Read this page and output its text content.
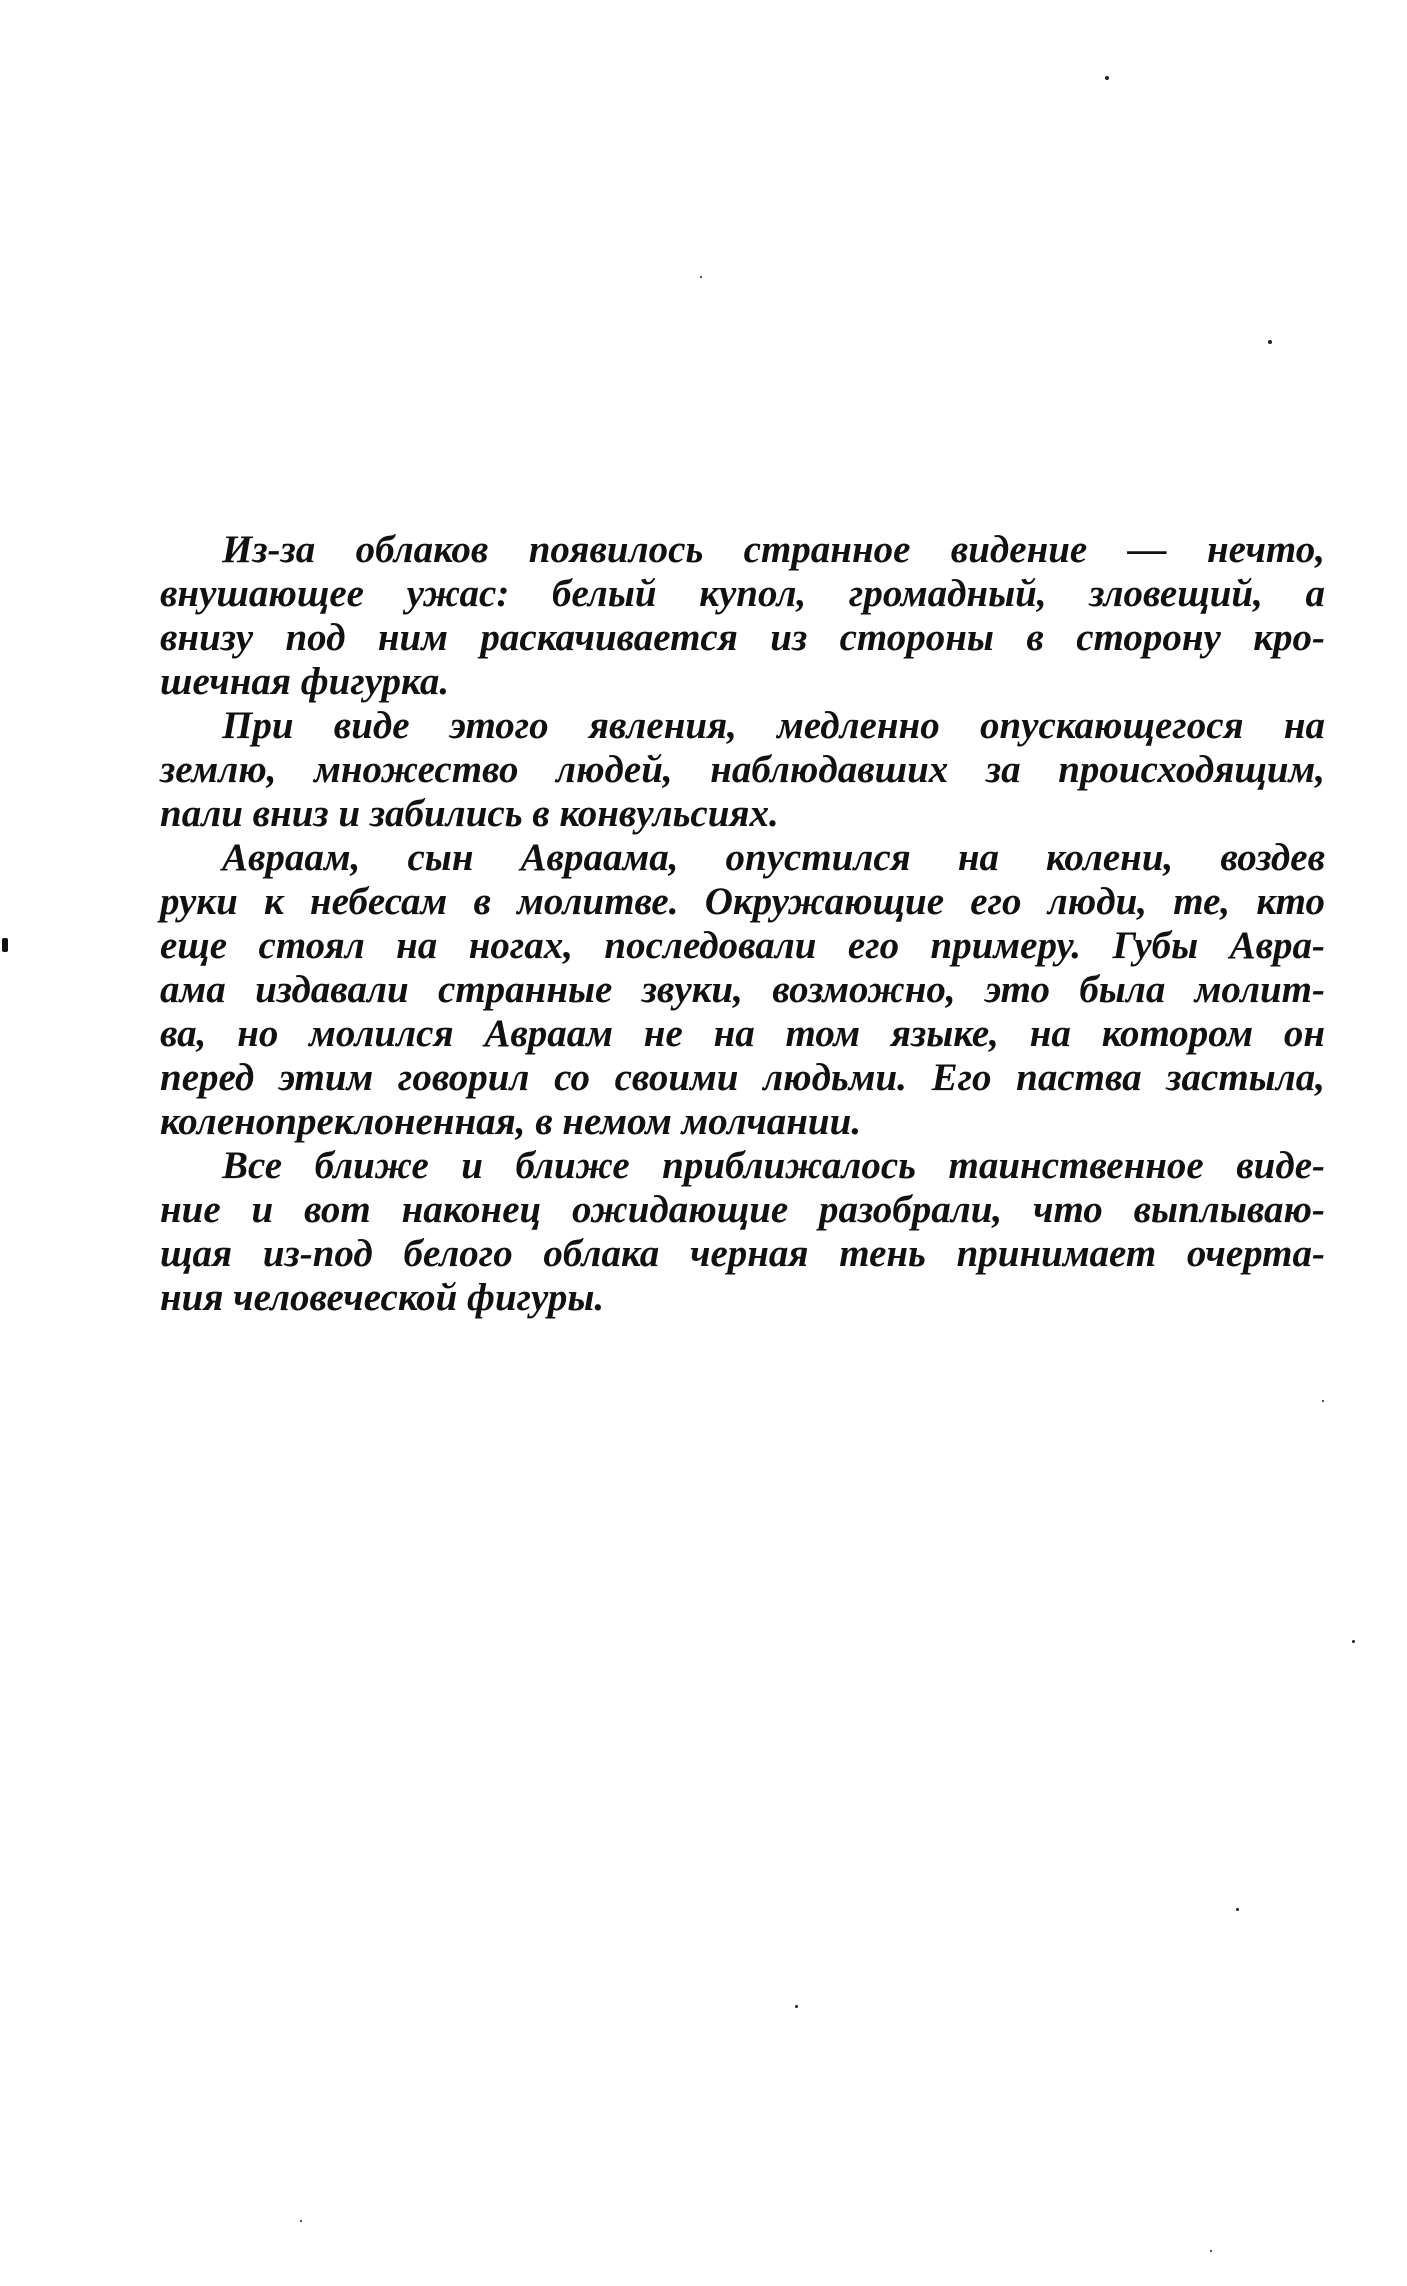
Из-за облаков появилось странное видение — нечто,
внушающее ужас: белый купол, громадный, зловещий, а
внизу под ним раскачивается из стороны в сторону кро-
шечная фигурка.

При виде этого явления, медленно опускающегося на
землю, множество людей, наблюдавших за происходящим,
пали вниз и забились в конвульсиях.

Авраам, сын Авраама, опустился на колени, воздев
руки к небесам в молитве. Окружающие его люди, те, кто
еще стоял на ногах, последовали его примеру. Губы Авра-
ама издавали странные звуки, возможно, это была молит-
ва, но молился Авраам не на том языке, на котором он
перед этим говорил со своими людьми. Его паства застыла,
коленопреклоненная, в немом молчании.

Все ближе и ближе приближалось таинственное виде-
ние и вот наконец ожидающие разобрали, что выплываю-
щая из-под белого облака черная тень принимает очерта-
ния человеческой фигуры.
